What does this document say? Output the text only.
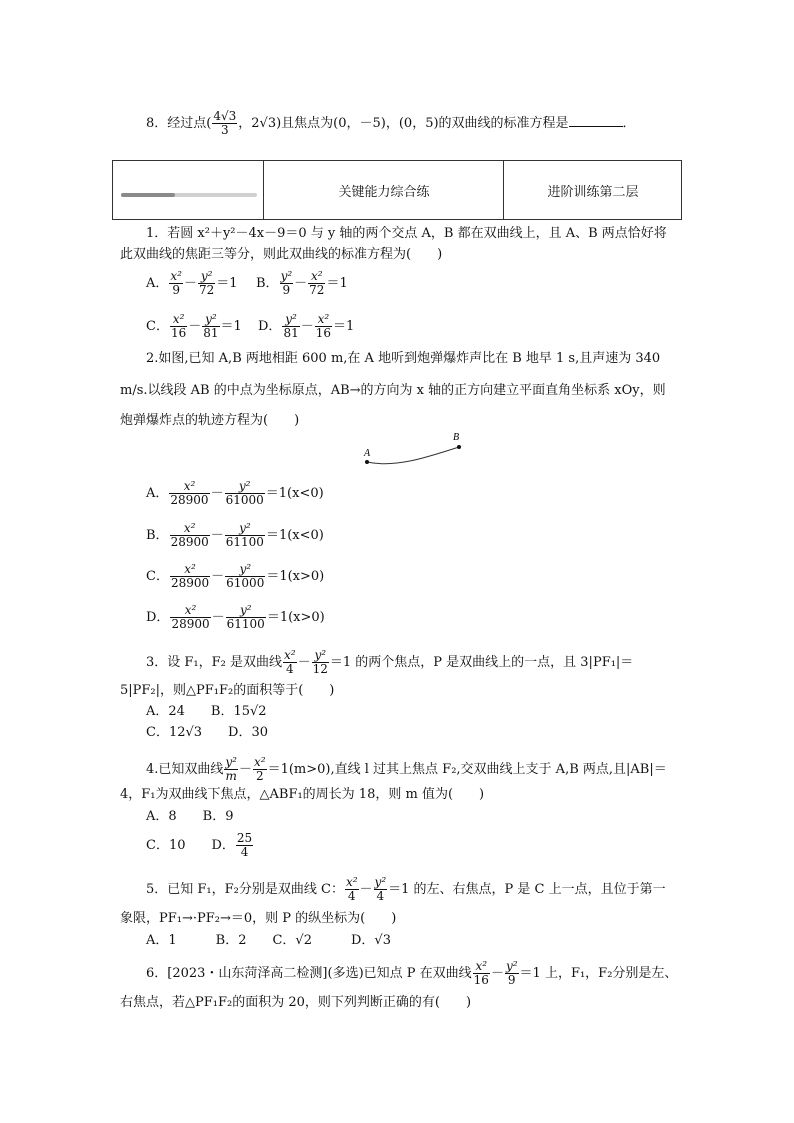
8．经过点( $\frac{4√3}{3}$ ，2√3)且焦点为(0，－5)，(0，5)的双曲线的标准方程是	．
关键能力综合练	进阶训练第二层
1．若圆 x²＋y²－4x－9＝0 与 y 轴的两个交点 A，B 都在双曲线上，且 A、B 两点恰好将
此双曲线的焦距三等分，则此双曲线的标准方程为(　　)
A． $\frac{\text{x²}}{9} - \frac{\text{y²}}{72} =1$ B． $\frac{\text{y²}}{9} - \frac{\text{x²}}{72} =1$
C． $\frac{\text{x²}}{16} - \frac{\text{y²}}{81} =1$ D． $\frac{\text{y²}}{81} - \frac{\text{x²}}{16} =1$
2.如图,已知 A,B 两地相距 600 m,在 A 地听到炮弹爆炸声比在 B 地早 1 s,且声速为 340
m/s.以线段 AB 的中点为坐标原点，AB→的方向为 x 轴的正方向建立平面直角坐标系 xOy，则
炮弹爆炸点的轨迹方程为(　　)
A
B
A． $\frac{\text{x²}}{28900} - \frac{\text{y²}}{61000} =1(x<0)$
B． $\frac{\text{x²}}{28900} - \frac{\text{y²}}{61100} =1(x<0)$
C． $\frac{\text{x²}}{28900} - \frac{\text{y²}}{61000} =1(x>0)$
D． $\frac{\text{x²}}{28900} - \frac{\text{y²}}{61100} =1(x>0)$
3．设 F₁，F₂ 是双曲线 $\frac{\text{x²}}{4} - \frac{\text{y²}}{12} =1$ 的两个焦点，P 是双曲线上的一点，且 3|PF₁|＝
5|PF₂|，则△PF₁F₂的面积等于(　　)
A．24　　B．15√2
C．12√3　　D．30
4.已知双曲线 $\frac{\text{y²}}{m} - \frac{\text{x²}}{2} =1(m>0)$,直线 l 过其上焦点 F₂,交双曲线上支于 A,B 两点,且|AB|＝
4，F₁为双曲线下焦点，△ABF₁的周长为 18，则 m 值为(　　)
A．8　　B．9
C．10　　D． $\frac{25}{4}$
5．已知 F₁，F₂分别是双曲线 C： $\frac{\text{x²}}{4} - \frac{\text{y²}}{4} =1$ 的左、右焦点，P 是 C 上一点，且位于第一
象限，PF₁→·PF₂→＝0，则 P 的纵坐标为(　　)
A．1　　　B．2　　C．√2　　　D．√3
6．[2023・山东菏泽高二检测](多选)已知点 P 在双曲线 $\frac{\text{x²}}{16} - \frac{\text{y²}}{9} =1$ 上，F₁，F₂分别是左、
右焦点，若△PF₁F₂的面积为 20，则下列判断正确的有(　　)
